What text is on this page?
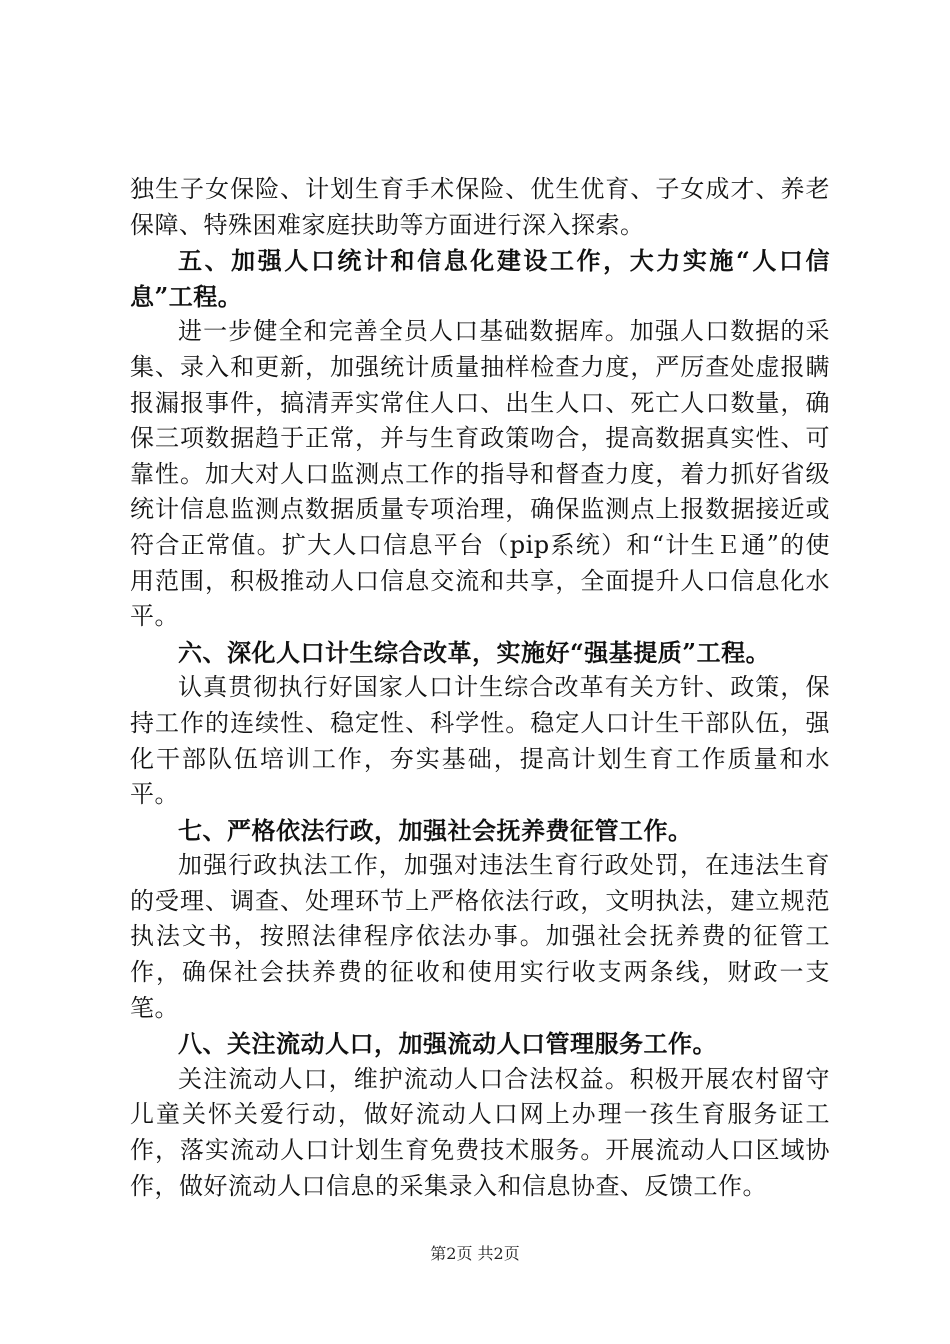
独生子女保险、计划生育手术保险、优生优育、子女成才、养老保障、特殊困难家庭扶助等方面进行深入探索。

五、加强人口统计和信息化建设工作，大力实施“人口信息”工程。

进一步健全和完善全员人口基础数据库。加强人口数据的采集、录入和更新，加强统计质量抽样检查力度，严厉查处虚报瞒报漏报事件，搞清弄实常住人口、出生人口、死亡人口数量，确保三项数据趋于正常，并与生育政策吻合，提高数据真实性、可靠性。加大对人口监测点工作的指导和督查力度，着力抓好省级统计信息监测点数据质量专项治理，确保监测点上报数据接近或符合正常值。扩大人口信息平台（pip系统）和“计生Ｅ通”的使用范围，积极推动人口信息交流和共享，全面提升人口信息化水平。

六、深化人口计生综合改革，实施好“强基提质”工程。

认真贯彻执行好国家人口计生综合改革有关方针、政策，保持工作的连续性、稳定性、科学性。稳定人口计生干部队伍，强化干部队伍培训工作，夯实基础，提高计划生育工作质量和水平。

七、严格依法行政，加强社会抚养费征管工作。

加强行政执法工作，加强对违法生育行政处罚，在违法生育的受理、调查、处理环节上严格依法行政，文明执法，建立规范执法文书，按照法律程序依法办事。加强社会抚养费的征管工作，确保社会扶养费的征收和使用实行收支两条线，财政一支笔。

八、关注流动人口，加强流动人口管理服务工作。

关注流动人口，维护流动人口合法权益。积极开展农村留守儿童关怀关爱行动，做好流动人口网上办理一孩生育服务证工作，落实流动人口计划生育免费技术服务。开展流动人口区域协作，做好流动人口信息的采集录入和信息协查、反馈工作。

第2页 共2页
